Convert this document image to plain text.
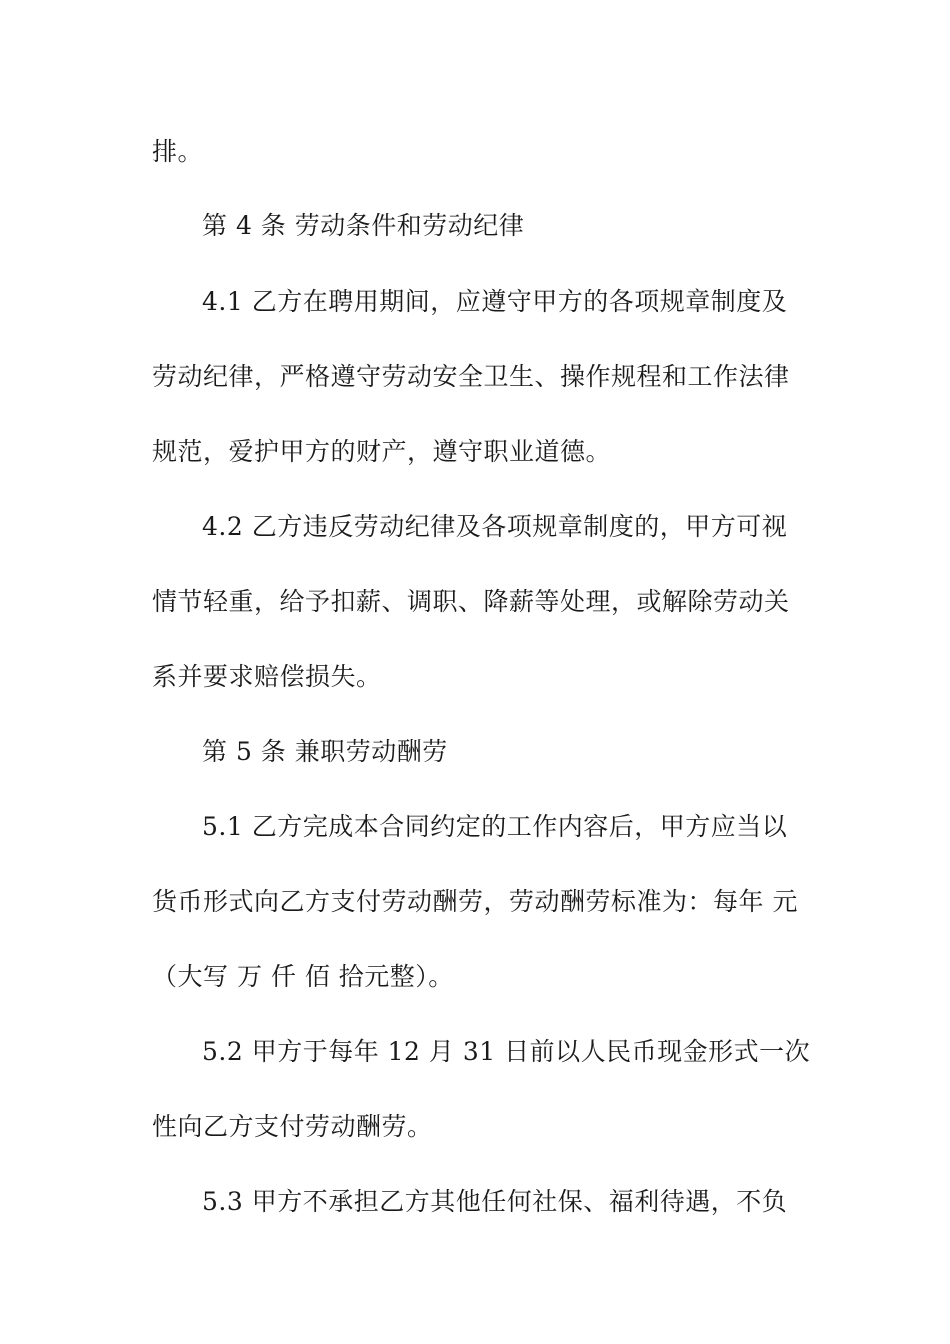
排。
第 4 条 劳动条件和劳动纪律
4.1 乙方在聘用期间，应遵守甲方的各项规章制度及
劳动纪律，严格遵守劳动安全卫生、操作规程和工作法律
规范，爱护甲方的财产，遵守职业道德。
4.2 乙方违反劳动纪律及各项规章制度的，甲方可视
情节轻重，给予扣薪、调职、降薪等处理，或解除劳动关
系并要求赔偿损失。
第 5 条 兼职劳动酬劳
5.1 乙方完成本合同约定的工作内容后，甲方应当以
货币形式向乙方支付劳动酬劳，劳动酬劳标准为：每年 元
（大写 万 仟 佰 拾元整）。
5.2 甲方于每年 12 月 31 日前以人民币现金形式一次
性向乙方支付劳动酬劳。
5.3 甲方不承担乙方其他任何社保、福利待遇，不负
